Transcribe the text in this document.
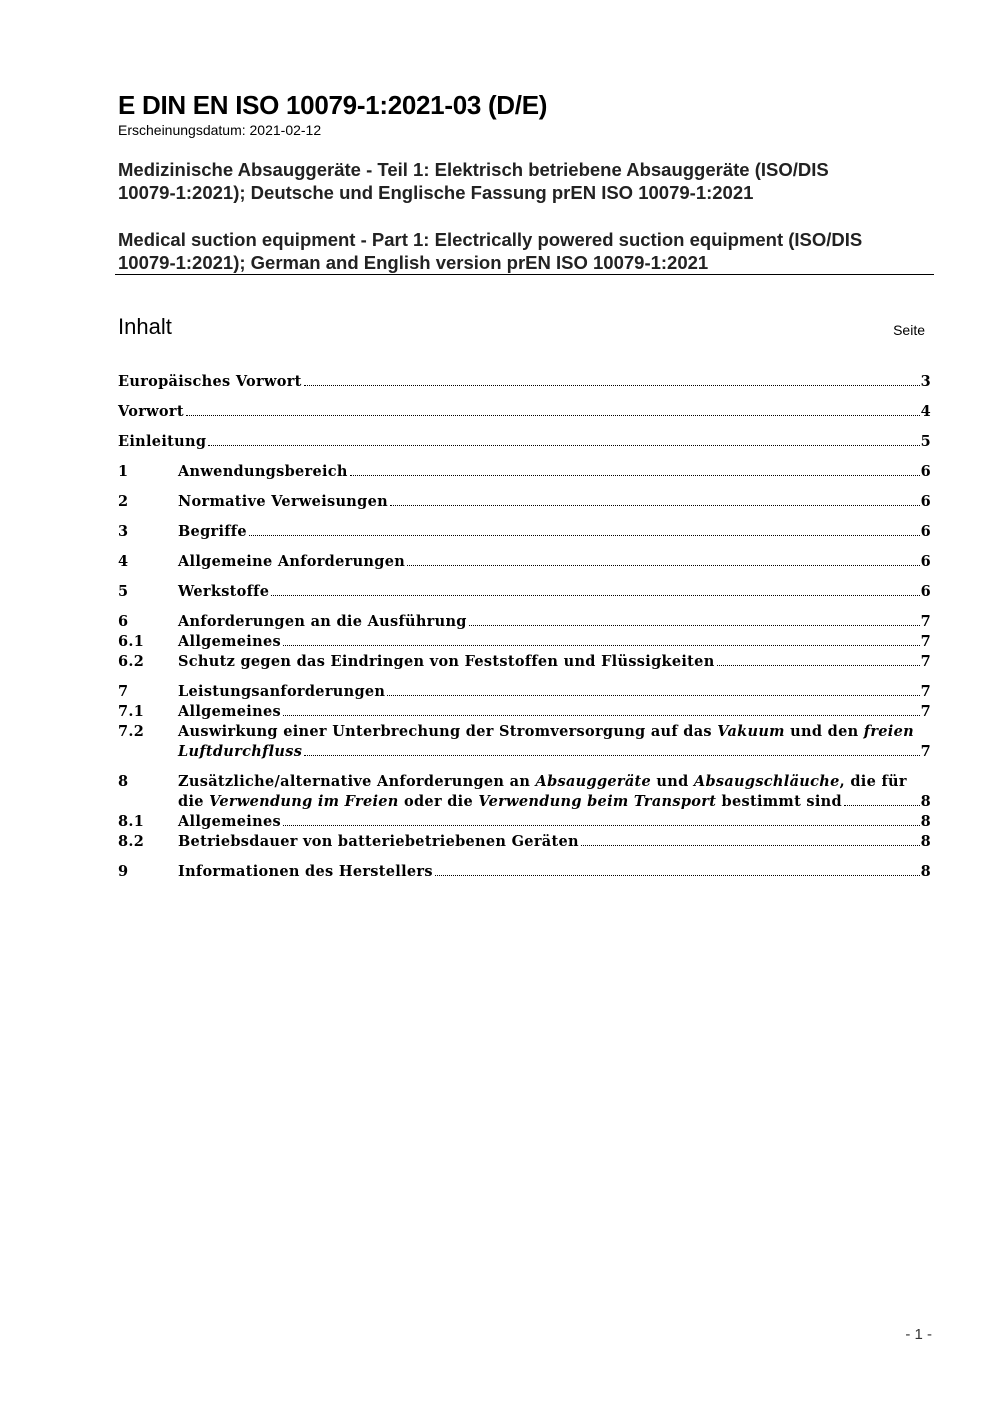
E DIN EN ISO 10079-1:2021-03 (D/E)
Erscheinungsdatum: 2021-02-12
Medizinische Absauggeräte - Teil 1: Elektrisch betriebene Absauggeräte (ISO/DIS
10079-1:2021); Deutsche und Englische Fassung prEN ISO 10079-1:2021
Medical suction equipment - Part 1: Electrically powered suction equipment (ISO/DIS
10079-1:2021); German and English version prEN ISO 10079-1:2021
Inhalt	Seite
Europäisches Vorwort	3
Vorwort	4
Einleitung	5
1	Anwendungsbereich	6
2	Normative Verweisungen	6
3	Begriffe	6
4	Allgemeine Anforderungen	6
5	Werkstoffe	6
6	Anforderungen an die Ausführung	7
6.1	Allgemeines	7
6.2	Schutz gegen das Eindringen von Feststoffen und Flüssigkeiten	7
7	Leistungsanforderungen	7
7.1	Allgemeines	7
7.2	Auswirkung einer Unterbrechung der Stromversorgung auf das Vakuum und den freien
Luftdurchfluss	7
8	Zusätzliche/alternative Anforderungen an Absauggeräte und Absaugschläuche, die für
die Verwendung im Freien oder die Verwendung beim Transport bestimmt sind	8
8.1	Allgemeines	8
8.2	Betriebsdauer von batteriebetriebenen Geräten	8
9	Informationen des Herstellers	8
- 1 -
